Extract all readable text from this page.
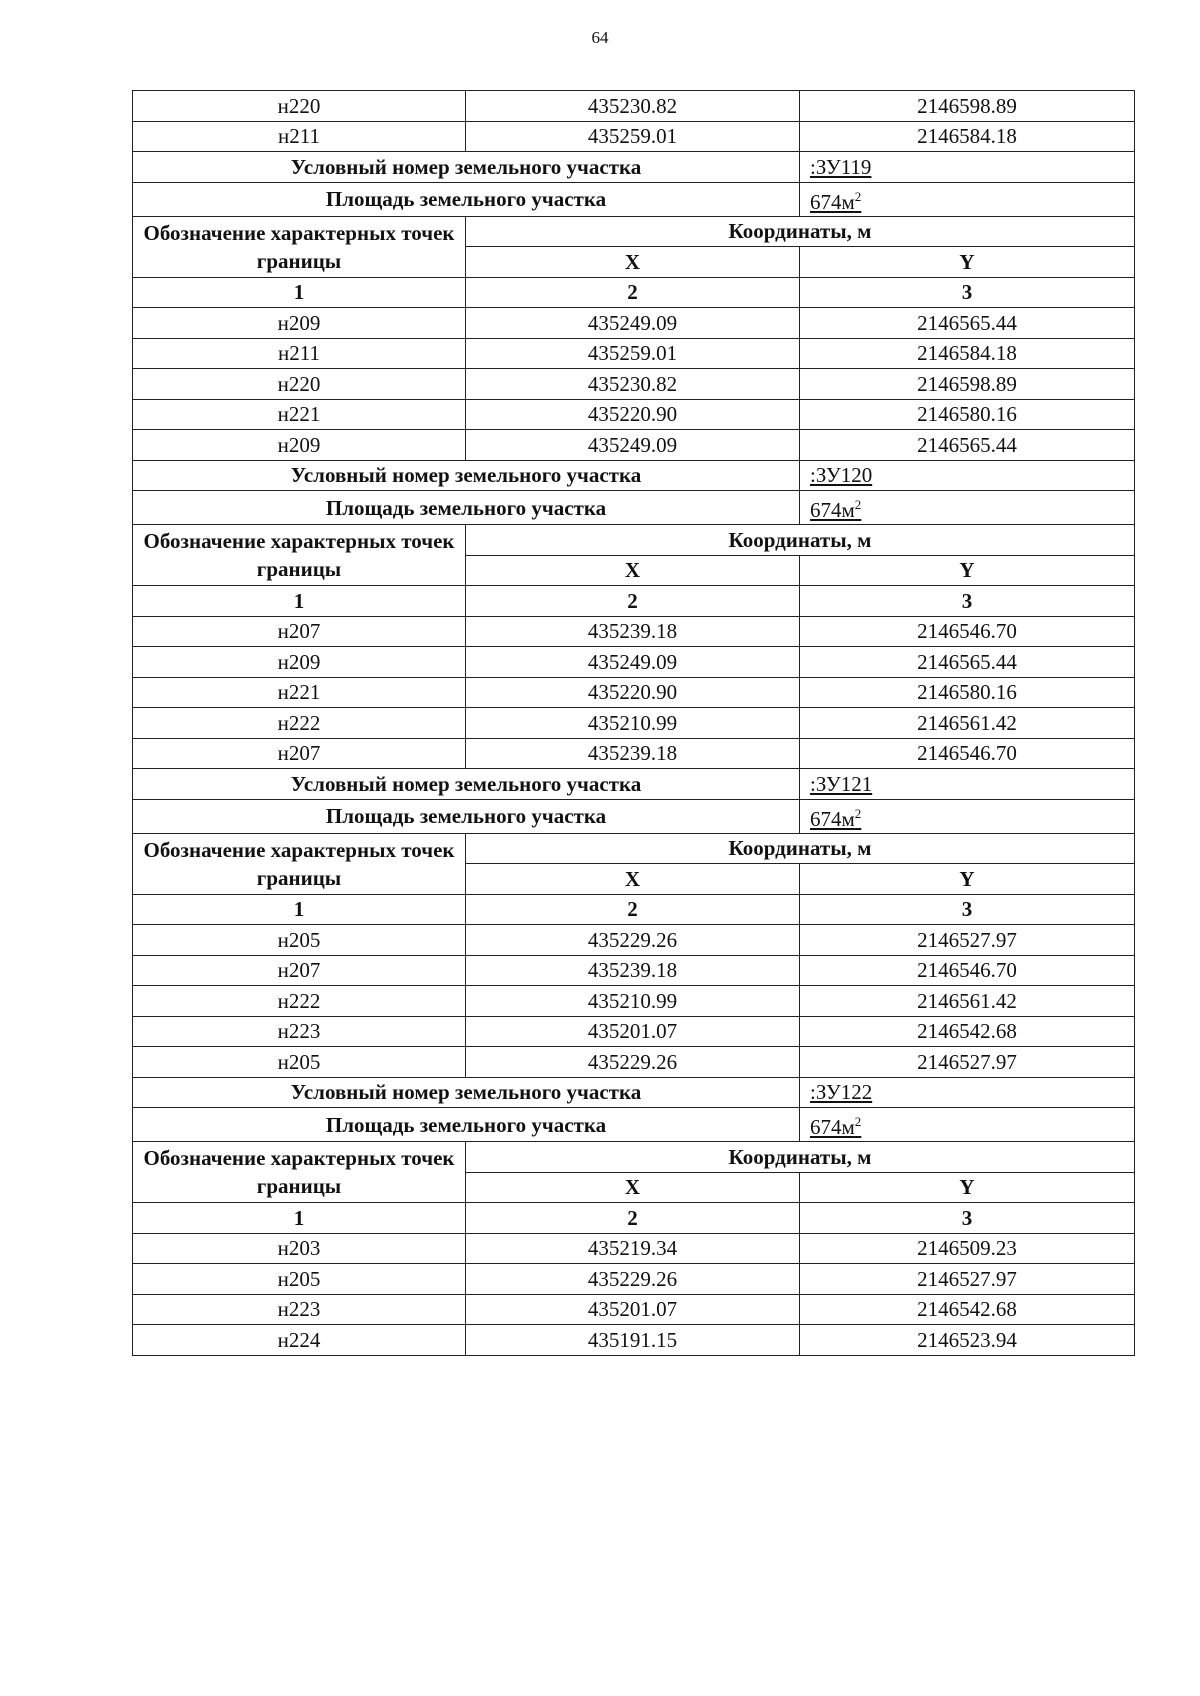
64
н220	435230.82	2146598.89
н211	435259.01	2146584.18
Условный номер земельного участка		:ЗУ119
Площадь земельного участка		$674м^2$
Обозначение характерных точек границы	Координаты, м	
	X	Y
1	2	3
н209	435249.09	2146565.44
н211	435259.01	2146584.18
н220	435230.82	2146598.89
н221	435220.90	2146580.16
н209	435249.09	2146565.44
Условный номер земельного участка		:ЗУ120
Площадь земельного участка		$674м^2$
Обозначение характерных точек границы	Координаты, м	
	X	Y
1	2	3
н207	435239.18	2146546.70
н209	435249.09	2146565.44
н221	435220.90	2146580.16
н222	435210.99	2146561.42
н207	435239.18	2146546.70
Условный номер земельного участка		:ЗУ121
Площадь земельного участка		$674м^2$
Обозначение характерных точек границы	Координаты, м	
	X	Y
1	2	3
н205	435229.26	2146527.97
н207	435239.18	2146546.70
н222	435210.99	2146561.42
н223	435201.07	2146542.68
н205	435229.26	2146527.97
Условный номер земельного участка		:ЗУ122
Площадь земельного участка		$674м^2$
Обозначение характерных точек границы	Координаты, м	
	X	Y
1	2	3
н203	435219.34	2146509.23
н205	435229.26	2146527.97
н223	435201.07	2146542.68
н224	435191.15	2146523.94
